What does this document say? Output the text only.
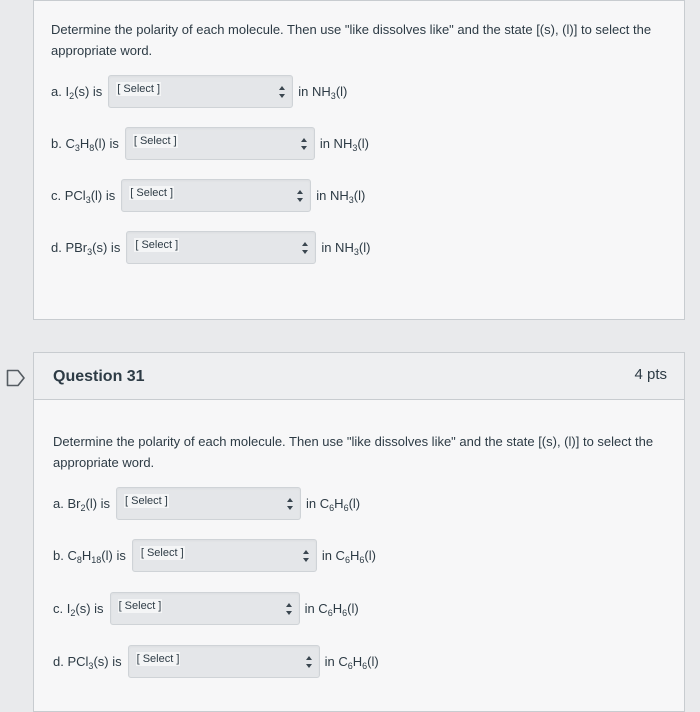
Determine the polarity of each molecule. Then use "like dissolves like" and the state [(s), (l)] to select the appropriate word.
a. $I_2(s)$ is [ Select ]	in $NH_3(l)$
b. $C_3H_8(l)$ is [ Select ]	in $NH_3(l)$
c. PCl$_3$(l) is [ Select ]	in $NH_3(l)$
d. PBr$_3$(s) is [ Select ]	in $NH_3(l)$
Question 31	4 pts
Determine the polarity of each molecule. Then use "like dissolves like" and the state [(s), (l)] to select the appropriate word.
a. $Br_2(l)$ is [ Select ]	in $C_6H_6(l)$
b. $C_8H_{18}(l)$ is [ Select ]	in $C_6H_6(l)$
c. $I_2(s)$ is [ Select ]	in $C_6H_6(l)$
d. PCl$_3$(s) is [ Select ]	in $C_6H_6(l)$
